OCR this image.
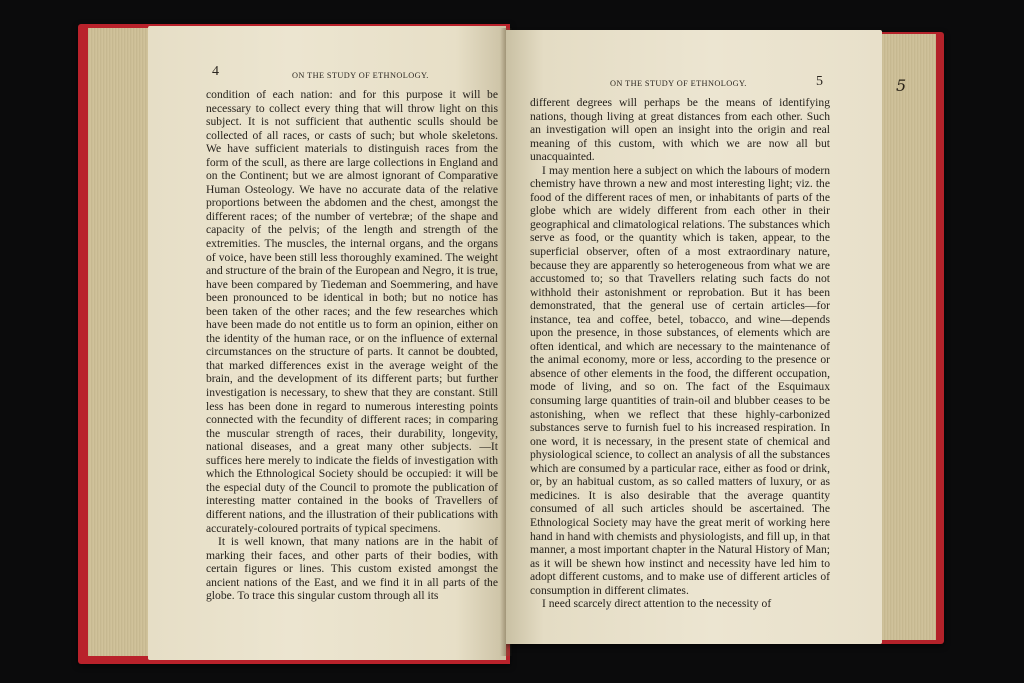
4	ON THE STUDY OF ETHNOLOGY.

condition of each nation: and for this purpose it will be necessary to collect every thing that will throw light on this subject. It is not sufficient that authentic sculls should be collected of all races, or casts of such; but whole skeletons. We have sufficient materials to distinguish races from the form of the scull, as there are large collections in England and on the Continent; but we are almost ignorant of Comparative Human Osteology. We have no accurate data of the relative proportions between the abdomen and the chest, amongst the different races; of the number of vertebræ; of the shape and capacity of the pelvis; of the length and strength of the extremities. The muscles, the internal organs, and the organs of voice, have been still less thoroughly examined. The weight and structure of the brain of the European and Negro, it is true, have been compared by Tiedeman and Soemmering, and have been pronounced to be identical in both; but no notice has been taken of the other races; and the few researches which have been made do not entitle us to form an opinion, either on the identity of the human race, or on the influence of external circumstances on the structure of parts. It cannot be doubted, that marked differences exist in the average weight of the brain, and the development of its different parts; but further investigation is necessary, to shew that they are constant. Still less has been done in regard to numerous interesting points connected with the fecundity of different races; in comparing the muscular strength of races, their durability, longevity, national diseases, and a great many other subjects. —It suffices here merely to indicate the fields of investigation with which the Ethnological Society should be occupied: it will be the especial duty of the Council to promote the publication of interesting matter contained in the books of Travellers of different nations, and the illustration of their publications with accurately-coloured portraits of typical specimens.

It is well known, that many nations are in the habit of marking their faces, and other parts of their bodies, with certain figures or lines. This custom existed amongst the ancient nations of the East, and we find it in all parts of the globe. To trace this singular custom through all its

ON THE STUDY OF ETHNOLOGY.	5

different degrees will perhaps be the means of identifying nations, though living at great distances from each other. Such an investigation will open an insight into the origin and real meaning of this custom, with which we are now all but unacquainted.

I may mention here a subject on which the labours of modern chemistry have thrown a new and most interesting light; viz. the food of the different races of men, or inhabitants of parts of the globe which are widely different from each other in their geographical and climatological relations. The substances which serve as food, or the quantity which is taken, appear, to the superficial observer, often of a most extraordinary nature, because they are apparently so heterogeneous from what we are accustomed to; so that Travellers relating such facts do not withhold their astonishment or reprobation. But it has been demonstrated, that the general use of certain articles—for instance, tea and coffee, betel, tobacco, and wine—depends upon the presence, in those substances, of elements which are often identical, and which are necessary to the maintenance of the animal economy, more or less, according to the presence or absence of other elements in the food, the different occupation, mode of living, and so on. The fact of the Esquimaux consuming large quantities of train-oil and blubber ceases to be astonishing, when we reflect that these highly-carbonized substances serve to furnish fuel to his increased respiration. In one word, it is necessary, in the present state of chemical and physiological science, to collect an analysis of all the substances which are consumed by a particular race, either as food or drink, or, by an habitual custom, as so called matters of luxury, or as medicines. It is also desirable that the average quantity consumed of all such articles should be ascertained. The Ethnological Society may have the great merit of working here hand in hand with chemists and physiologists, and fill up, in that manner, a most important chapter in the Natural History of Man; as it will be shewn how instinct and necessity have led him to adopt different customs, and to make use of different articles of consumption in different climates.

I need scarcely direct attention to the necessity of

5
